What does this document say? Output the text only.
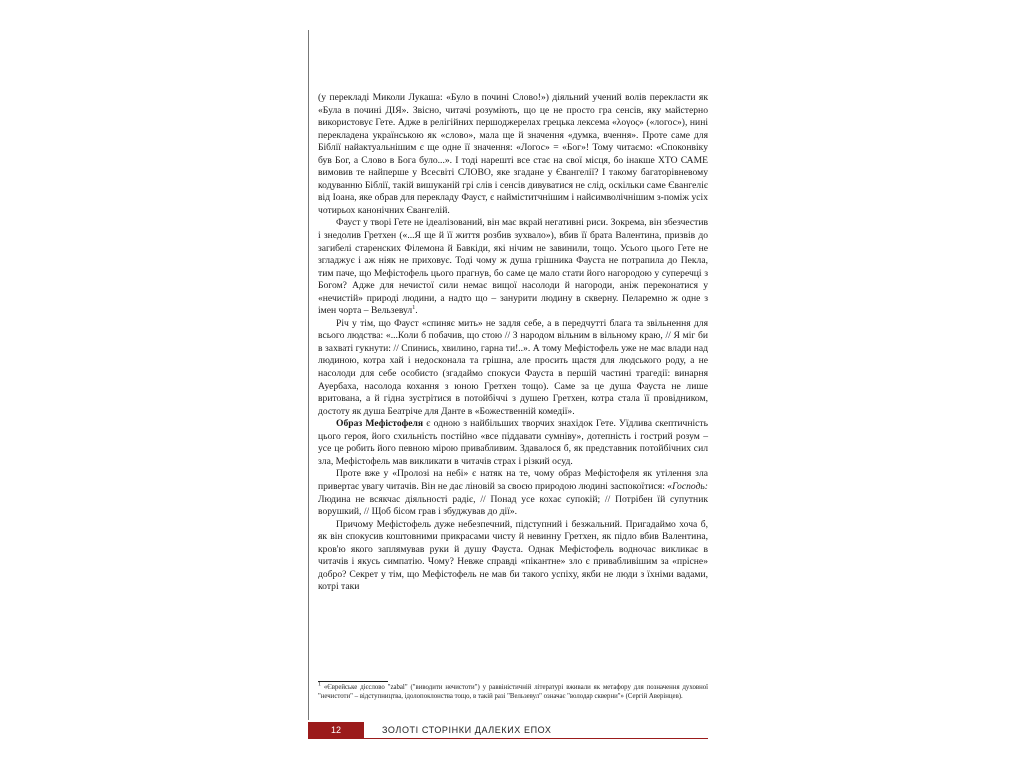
(у перекладі Миколи Лукаша: «Було в почині Слово!») діяльний учений волів перекласти як «Була в почині ДІЯ». Звісно, читачі розуміють, що це не просто гра сенсів, яку майстерно використовує Гете. Адже в релігійних першоджерелах грецька лексема «λογος» («логос»), нині перекладена українською як «слово», мала ще й значення «думка, вчення». Проте саме для Біблії найактуальнішим є ще одне її значення: «Логос» = «Бог»! Тому читаємо: «Споконвіку був Бог, а Слово в Бога було...». І тоді нарешті все стає на свої місця, бо інакше ХТО САМЕ вимовив те найперше у Всесвіті СЛОВО, яке згадане у Євангелії? І такому багаторівневому кодуванню Біблії, такій вишуканій грі слів і сенсів дивуватися не слід, оскільки саме Євангеліє від Іоана, яке обрав для перекладу Фауст, є найміститчнішим і найсимволічнішим з-поміж усіх чотирьох канонічних Євангелій.

Фауст у творі Гете не ідеалізований, він має вкрай негативні риси. Зокрема, він збезчестив і знедолив Гретхен («...Я ще й її життя розбив зухвало»), вбив її брата Валентина, призвів до загибелі старенских Філемона й Бавкіди, які нічим не завинили, тощо. Усього цього Гете не згладжує і аж ніяк не приховує. Тоді чому ж душа грішника Фауста не потрапила до Пекла, тим паче, що Мефістофель цього прагнув, бо саме це мало стати його нагородою у суперечці з Богом? Адже для нечистої сили немає вищої насолоди й нагороди, аніж переконатися у «нечистій» природі людини, а надто що – занурити людину в скверну. Пеларемно ж одне з імен чорта – Вельзевул$^1$.

Річ у тім, що Фауст «спиняє мить» не задля себе, а в передчутті блага та звільнення для всього людства: «...Коли б побачив, що стою // З народом вільним в вільному краю, // Я міг би в захваті гукнути: // Спинись, хвилино, гарна ти!..». А тому Мефістофель уже не має влади над людиною, котра хай і недосконала та грішна, але просить щастя для людського роду, а не насолоди для себе особисто (згадаймо спокуси Фауста в першій частині трагедії: винарня Ауербаха, насолода кохання з юною Гретхен тощо). Саме за це душа Фауста не лише вритована, а й гідна зустрітися в потойбіччі з душею Гретхен, котра стала її провідником, достоту як душа Беатріче для Данте в «Божественній комедії».

Образ Мефістофеля є одною з найбільших творчих знахідок Гете. Уїдлива скептичність цього героя, його схильність постійно «все піддавати сумніву», дотепність і гострий розум – усе це робить його певною мірою привабливим. Здавалося б, як представник потойбічних сил зла, Мефістофель мав викликати в читачів страх і різкий осуд.

Проте вже у «Пролозі на небі» є натяк на те, чому образ Мефістофеля як утілення зла привертає увагу читачів. Він не дає ліновій за своєю природою людині заспокоїтися: «Господь: Людина не всякчас діяльності радіє, // Понад усе кохає супокій; // Потрібен їй супутник ворушкий, // Щоб бісом грав і збуджував до дії».

Причому Мефістофель дуже небезпечний, підступний і безжальний. Пригадаймо хоча б, як він спокусив коштовними прикрасами чисту й невинну Гретхен, як підло вбив Валентина, кров'ю якого заплямував руки й душу Фауста. Однак Мефістофель водночас викликає в читачів і якусь симпатію. Чому? Невже справді «пікантне» зло є привабливішим за «прісне» добро? Секрет у тім, що Мефістофель не мав би такого успіху, якби не люди з їхніми вадами, котрі таки

$^1$ «Єврейське дієслово "zabal" ("виводити нечистоти") у раввіністичній літературі вживали як метафору для позначення духовної "нечистоти" – відступництва, ідолопоклонства тощо, в такій разі "Вельзевул" означає "володар скверни"» (Сергій Аверінцев).
12	ЗОЛОТІ СТОРІНКИ ДАЛЕКИХ ЕПОХ
